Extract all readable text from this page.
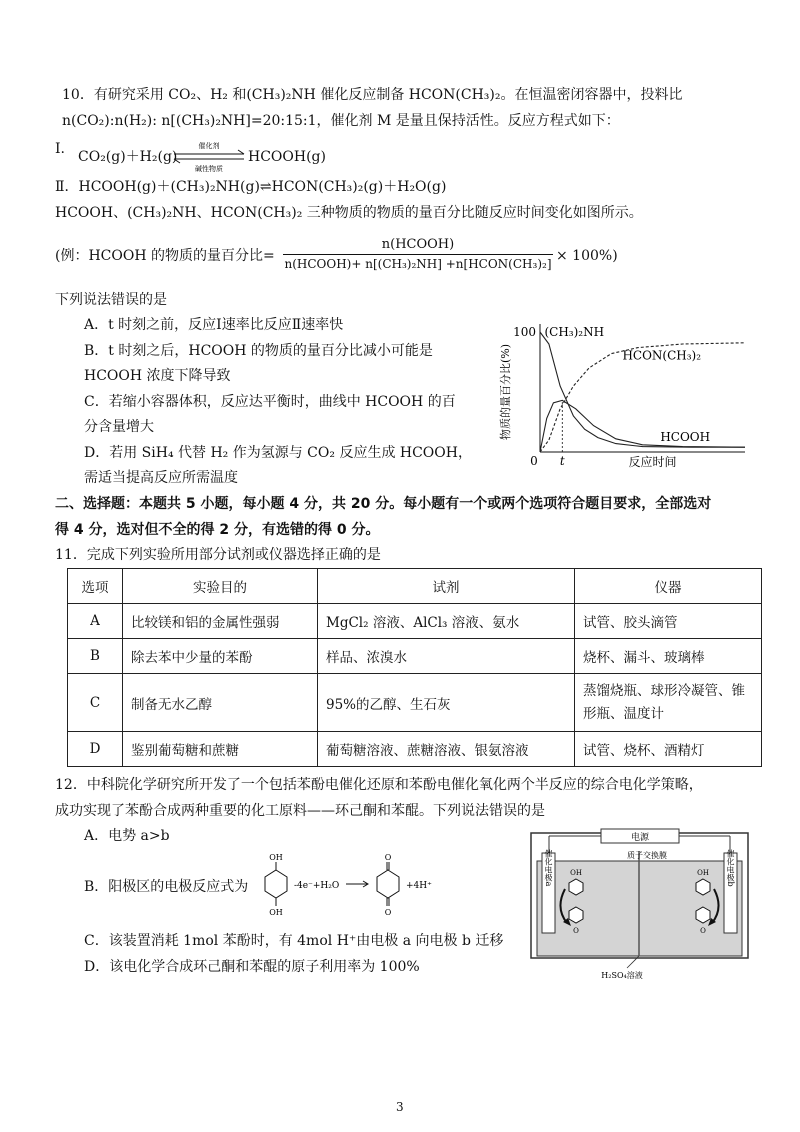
10．有研究采用 CO₂、H₂ 和(CH₃)₂NH 催化反应制备 HCON(CH₃)₂。在恒温密闭容器中，投料比
n(CO₂):n(H₂): n[(CH₃)₂NH]=20:15:1，催化剂 M 是量且保持活性。反应方程式如下：
I. CO₂(g)＋H₂(g)
催化剂
碱性物质
HCOOH(g)
Ⅱ．HCOOH(g)＋(CH₃)₂NH(g)⇌HCON(CH₃)₂(g)＋H₂O(g)
HCOOH、(CH₃)₂NH、HCON(CH₃)₂ 三种物质的物质的量百分比随反应时间变化如图所示。
(例：HCOOH 的物质的量百分比=
n(HCOOH)
n(HCOOH)+ n[(CH₃)₂NH] +n[HCON(CH₃)₂] × 100%)
下列说法错误的是
A．t 时刻之前，反应Ⅰ速率比反应Ⅱ速率快
B．t 时刻之后，HCOOH 的物质的量百分比减小可能是
HCOOH 浓度下降导致
C．若缩小容器体积，反应达平衡时，曲线中 HCOOH 的百
分含量增大
D．若用 SiH₄ 代替 H₂ 作为氢源与 CO₂ 反应生成 HCOOH，
需适当提高反应所需温度
100
0 t
物质的量百分比(%)
反应时间
(CH₃)₂NH
HCON(CH₃)₂
HCOOH
二、选择题：本题共 5 小题，每小题 4 分，共 20 分。每小题有一个或两个选项符合题目要求，全部选对
得 4 分，选对但不全的得 2 分，有选错的得 0 分。
11．完成下列实验所用部分试剂或仪器选择正确的是
选项	实验目的	试剂	仪器
A	比较镁和铝的金属性强弱	MgCl₂ 溶液、AlCl₃ 溶液、氨水	试管、胶头滴管
B	除去苯中少量的苯酚	样品、浓溴水	烧杯、漏斗、玻璃棒
C	制备无水乙醇	95%的乙醇、生石灰	蒸馏烧瓶、球形冷凝管、锥形瓶、温度计
D	鉴别葡萄糖和蔗糖	葡萄糖溶液、蔗糖溶液、银氨溶液	试管、烧杯、酒精灯
12．中科院化学研究所开发了一个包括苯酚电催化还原和苯酚电催化氧化两个半反应的综合电化学策略，
成功实现了苯酚合成两种重要的化工原料——环己酮和苯醌。下列说法错误的是
A．电势 a>b
B．阳极区的电极反应式为
OH
OH
-4e⁻+H₂O
O
O
+4H⁺
C．该装置消耗 1mol 苯酚时，有 4mol H⁺由电极 a 向电极 b 迁移
D．该电化学合成环己酮和苯醌的原子利用率为 100%
电源
催化电极a	催化电极b
质子交换膜
OH
O
OH
O
H₂SO₄溶液
3
